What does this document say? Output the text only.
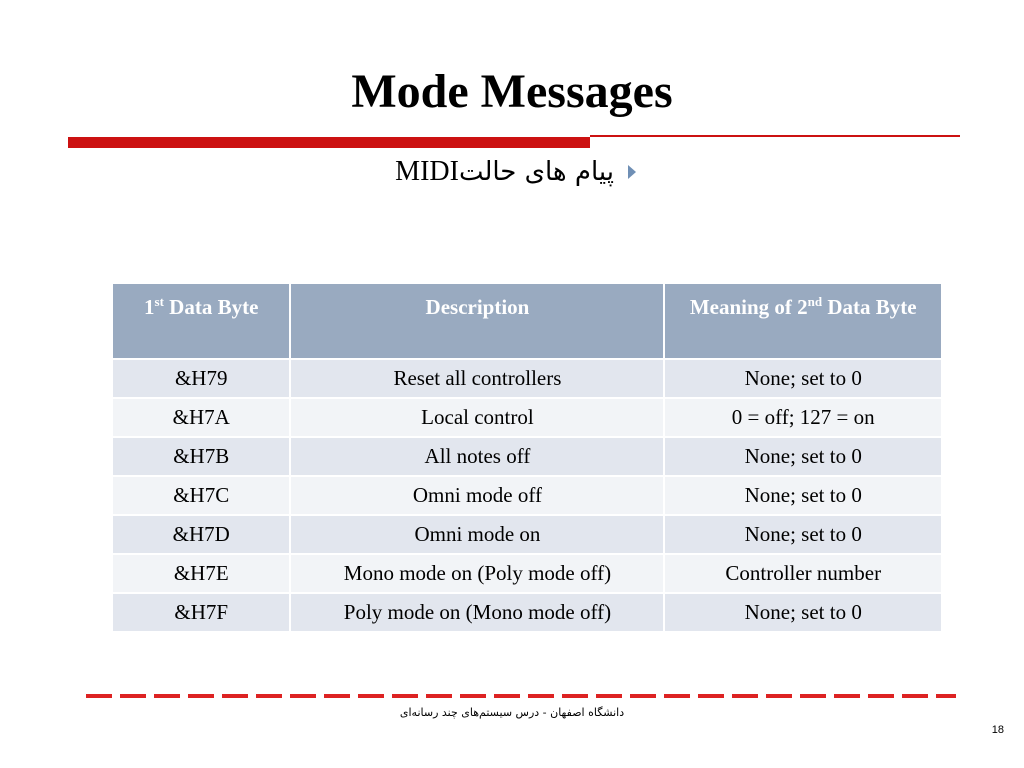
Mode Messages
پیام های حالتMIDI
1st Data Byte	Description	Meaning of 2nd Data Byte
&H79	Reset all controllers	None; set to 0
&H7A	Local control	0 = off; 127 = on
&H7B	All notes off	None; set to 0
&H7C	Omni mode off	None; set to 0
&H7D	Omni mode on	None; set to 0
&H7E	Mono mode on (Poly mode off)	Controller number
&H7F	Poly mode on (Mono mode off)	None; set to 0
دانشگاه اصفهان - درس سیستم‌های چند رسانه‌ای
18
